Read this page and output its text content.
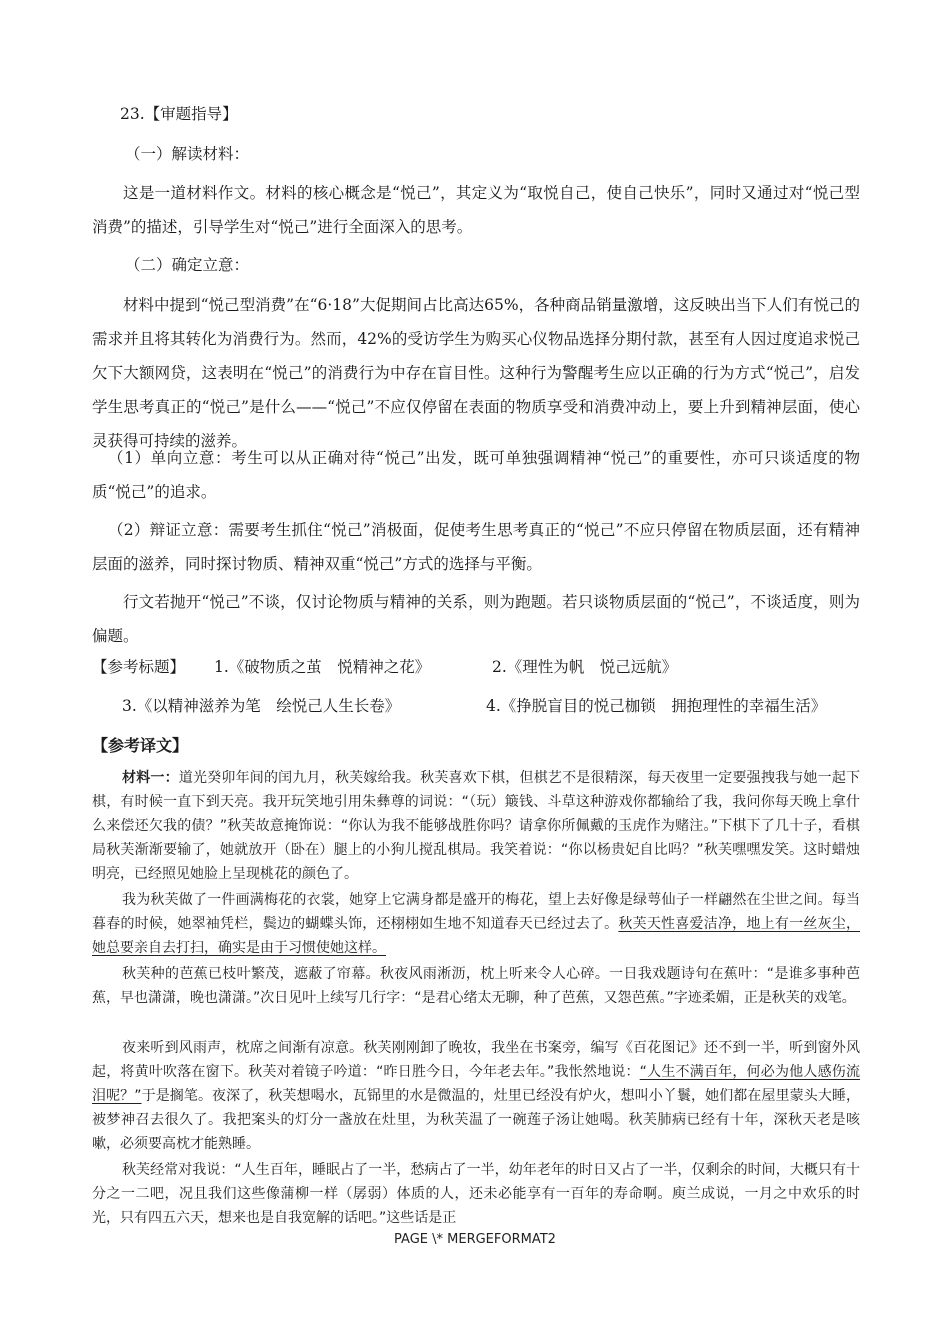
23.【审题指导】

（一）解读材料：

这是一道材料作文。材料的核心概念是“悦己”，其定义为“取悦自己，使自己快乐”，同时又通过对“悦己型消费”的描述，引导学生对“悦己”进行全面深入的思考。

（二）确定立意：

材料中提到“悦己型消费”在“6·18”大促期间占比高达65%，各种商品销量激增，这反映出当下人们有悦己的需求并且将其转化为消费行为。然而，42%的受访学生为购买心仪物品选择分期付款，甚至有人因过度追求悦己欠下大额网贷，这表明在“悦己”的消费行为中存在盲目性。这种行为警醒考生应以正确的行为方式“悦己”，启发学生思考真正的“悦己”是什么——“悦己”不应仅停留在表面的物质享受和消费冲动上，要上升到精神层面，使心灵获得可持续的滋养。

（1）单向立意：考生可以从正确对待“悦己”出发，既可单独强调精神“悦己”的重要性，亦可只谈适度的物质“悦己”的追求。

（2）辩证立意：需要考生抓住“悦己”消极面，促使考生思考真正的“悦己”不应只停留在物质层面，还有精神层面的滋养，同时探讨物质、精神双重“悦己”方式的选择与平衡。

行文若抛开“悦己”不谈，仅讨论物质与精神的关系，则为跑题。若只谈物质层面的“悦己”，不谈适度，则为偏题。

【参考标题】 1.《破物质之茧　悦精神之花》	2.《理性为帆　悦己远航》
3.《以精神滋养为笔　绘悦己人生长卷》	4.《挣脱盲目的悦己枷锁　拥抱理性的幸福生活》

【参考译文】

材料一：道光癸卯年间的闰九月，秋芙嫁给我。秋芙喜欢下棋，但棋艺不是很精深，每天夜里一定要强拽我与她一起下棋，有时候一直下到天亮。我开玩笑地引用朱彝尊的词说：“（玩）簸钱、斗草这种游戏你都输给了我，我问你每天晚上拿什么来偿还欠我的债？”秋芙故意掩饰说：“你认为我不能够战胜你吗？请拿你所佩戴的玉虎作为赌注。”下棋下了几十子，看棋局秋芙渐渐要输了，她就放开（卧在）腿上的小狗儿搅乱棋局。我笑着说：“你以杨贵妃自比吗？”秋芙嘿嘿发笑。这时蜡烛明亮，已经照见她脸上呈现桃花的颜色了。

我为秋芙做了一件画满梅花的衣裳，她穿上它满身都是盛开的梅花，望上去好像是绿萼仙子一样翩然在尘世之间。每当暮春的时候，她翠袖凭栏，鬓边的蝴蝶头饰，还栩栩如生地不知道春天已经过去了。秋芙天性喜爱洁净，地上有一丝灰尘，她总要亲自去打扫，确实是由于习惯使她这样。

秋芙种的芭蕉已枝叶繁茂，遮蔽了帘幕。秋夜风雨淅沥，枕上听来令人心碎。一日我戏题诗句在蕉叶：“是谁多事种芭蕉，早也潇潇，晚也潇潇。”次日见叶上续写几行字：“是君心绪太无聊，种了芭蕉，又怨芭蕉。”字迹柔媚，正是秋芙的戏笔。

夜来听到风雨声，枕席之间渐有凉意。秋芙刚刚卸了晚妆，我坐在书案旁，编写《百花图记》还不到一半，听到窗外风起，将黄叶吹落在窗下。秋芙对着镜子吟道：“昨日胜今日，今年老去年。”我怅然地说：“人生不满百年，何必为他人感伤流泪呢？”于是搁笔。夜深了，秋芙想喝水，瓦铞里的水是微温的，灶里已经没有炉火，想叫小丫鬟，她们都在屋里蒙头大睡，被梦神召去很久了。我把案头的灯分一盏放在灶里，为秋芙温了一碗莲子汤让她喝。秋芙肺病已经有十年，深秋天老是咳嗽，必须要高枕才能熟睡。

秋芙经常对我说：“人生百年，睡眠占了一半，愁病占了一半，幼年老年的时日又占了一半，仅剩余的时间，大概只有十分之一二吧，况且我们这些像蒲柳一样（孱弱）体质的人，还未必能享有一百年的寿命啊。庾兰成说，一月之中欢乐的时光，只有四五六天，想来也是自我宽解的话吧。”这些话是正

PAGE \* MERGEFORMAT2
